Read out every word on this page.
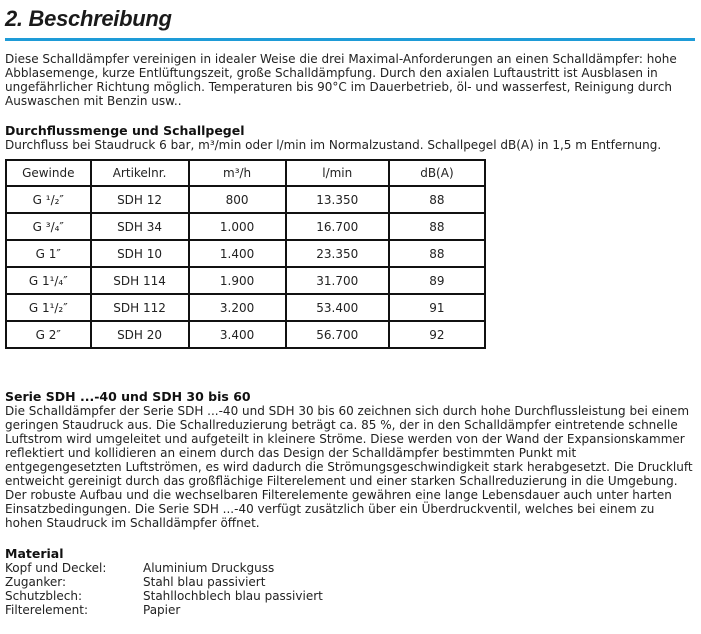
2. Beschreibung

Diese Schalldämpfer vereinigen in idealer Weise die drei Maximal-Anforderungen an einen Schalldämpfer: hohe Abblasemenge, kurze Entlüftungszeit, große Schalldämpfung. Durch den axialen Luftaustritt ist Ausblasen in ungefährlicher Richtung möglich. Temperaturen bis 90°C im Dauerbetrieb, öl- und wasserfest, Reinigung durch Auswaschen mit Benzin usw..

Durchflussmenge und Schallpegel

Durchfluss bei Staudruck 6 bar, m³/min oder l/min im Normalzustand. Schallpegel dB(A) in 1,5 m Entfernung.

Gewinde	Artikelnr.	m³/h	l/min	dB(A)
G ¹/₂″	SDH 12	800	13.350	88
G ³/₄″	SDH 34	1.000	16.700	88
G 1″	SDH 10	1.400	23.350	88
G 1¹/₄″	SDH 114	1.900	31.700	89
G 1¹/₂″	SDH 112	3.200	53.400	91
G 2″	SDH 20	3.400	56.700	92
Serie SDH ...-40 und SDH 30 bis 60

Die Schalldämpfer der Serie SDH ...-40 und SDH 30 bis 60 zeichnen sich durch hohe Durchflussleistung bei einem geringen Staudruck aus. Die Schallreduzierung beträgt ca. 85 %, der in den Schalldämpfer eintretende schnelle Luftstrom wird umgeleitet und aufgeteilt in kleinere Ströme. Diese werden von der Wand der Expansionskammer reflektiert und kollidieren an einem durch das Design der Schalldämpfer bestimmten Punkt mit entgegengesetzten Luftströmen, es wird dadurch die Strömungsgeschwindigkeit stark herabgesetzt. Die Druckluft entweicht gereinigt durch das großflächige Filterelement und einer starken Schallreduzierung in die Umgebung. Der robuste Aufbau und die wechselbaren Filterelemente gewähren eine lange Lebensdauer auch unter harten Einsatzbedingungen. Die Serie SDH ...-40 verfügt zusätzlich über ein Überdruckventil, welches bei einem zu hohen Staudruck im Schalldämpfer öffnet.

Material
Kopf und Deckel:	Aluminium Druckguss
Zuganker:	Stahl blau passiviert
Schutzblech:	Stahllochblech blau passiviert
Filterelement:	Papier
